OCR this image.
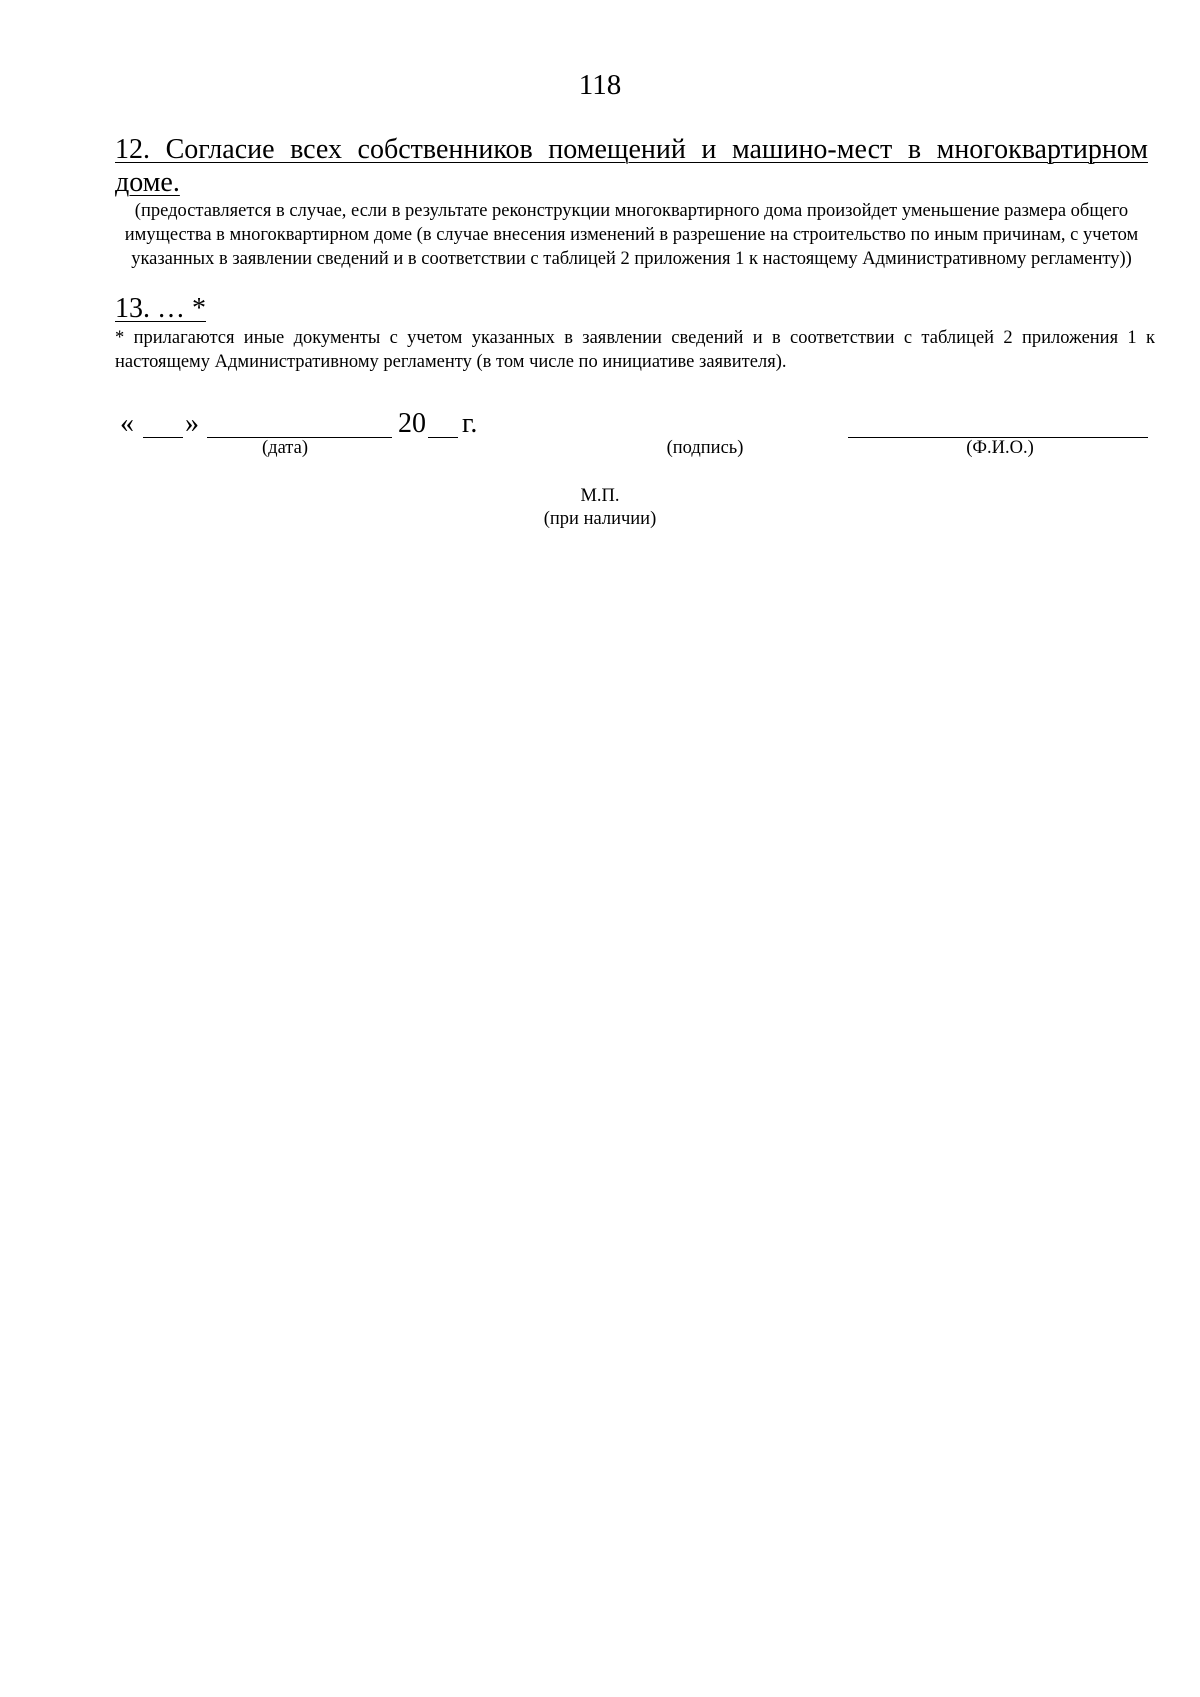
118
12. Согласие всех собственников помещений и машино-мест в многоквартирном
доме.
(предоставляется в случае, если в результате реконструкции многоквартирного дома произойдет уменьшение размера общего имущества в многоквартирном доме (в случае внесения изменений в разрешение на строительство по иным причинам, с учетом указанных в заявлении сведений и в соответствии с таблицей 2 приложения 1 к настоящему Административному регламенту))
13. … *
* прилагаются иные документы с учетом указанных в заявлении сведений и в соответствии с таблицей 2 приложения 1 к настоящему Административному регламенту (в том числе по инициативе заявителя).
« »	20 г.
(дата)	(подпись)	(Ф.И.О.)
М.П.
(при наличии)
